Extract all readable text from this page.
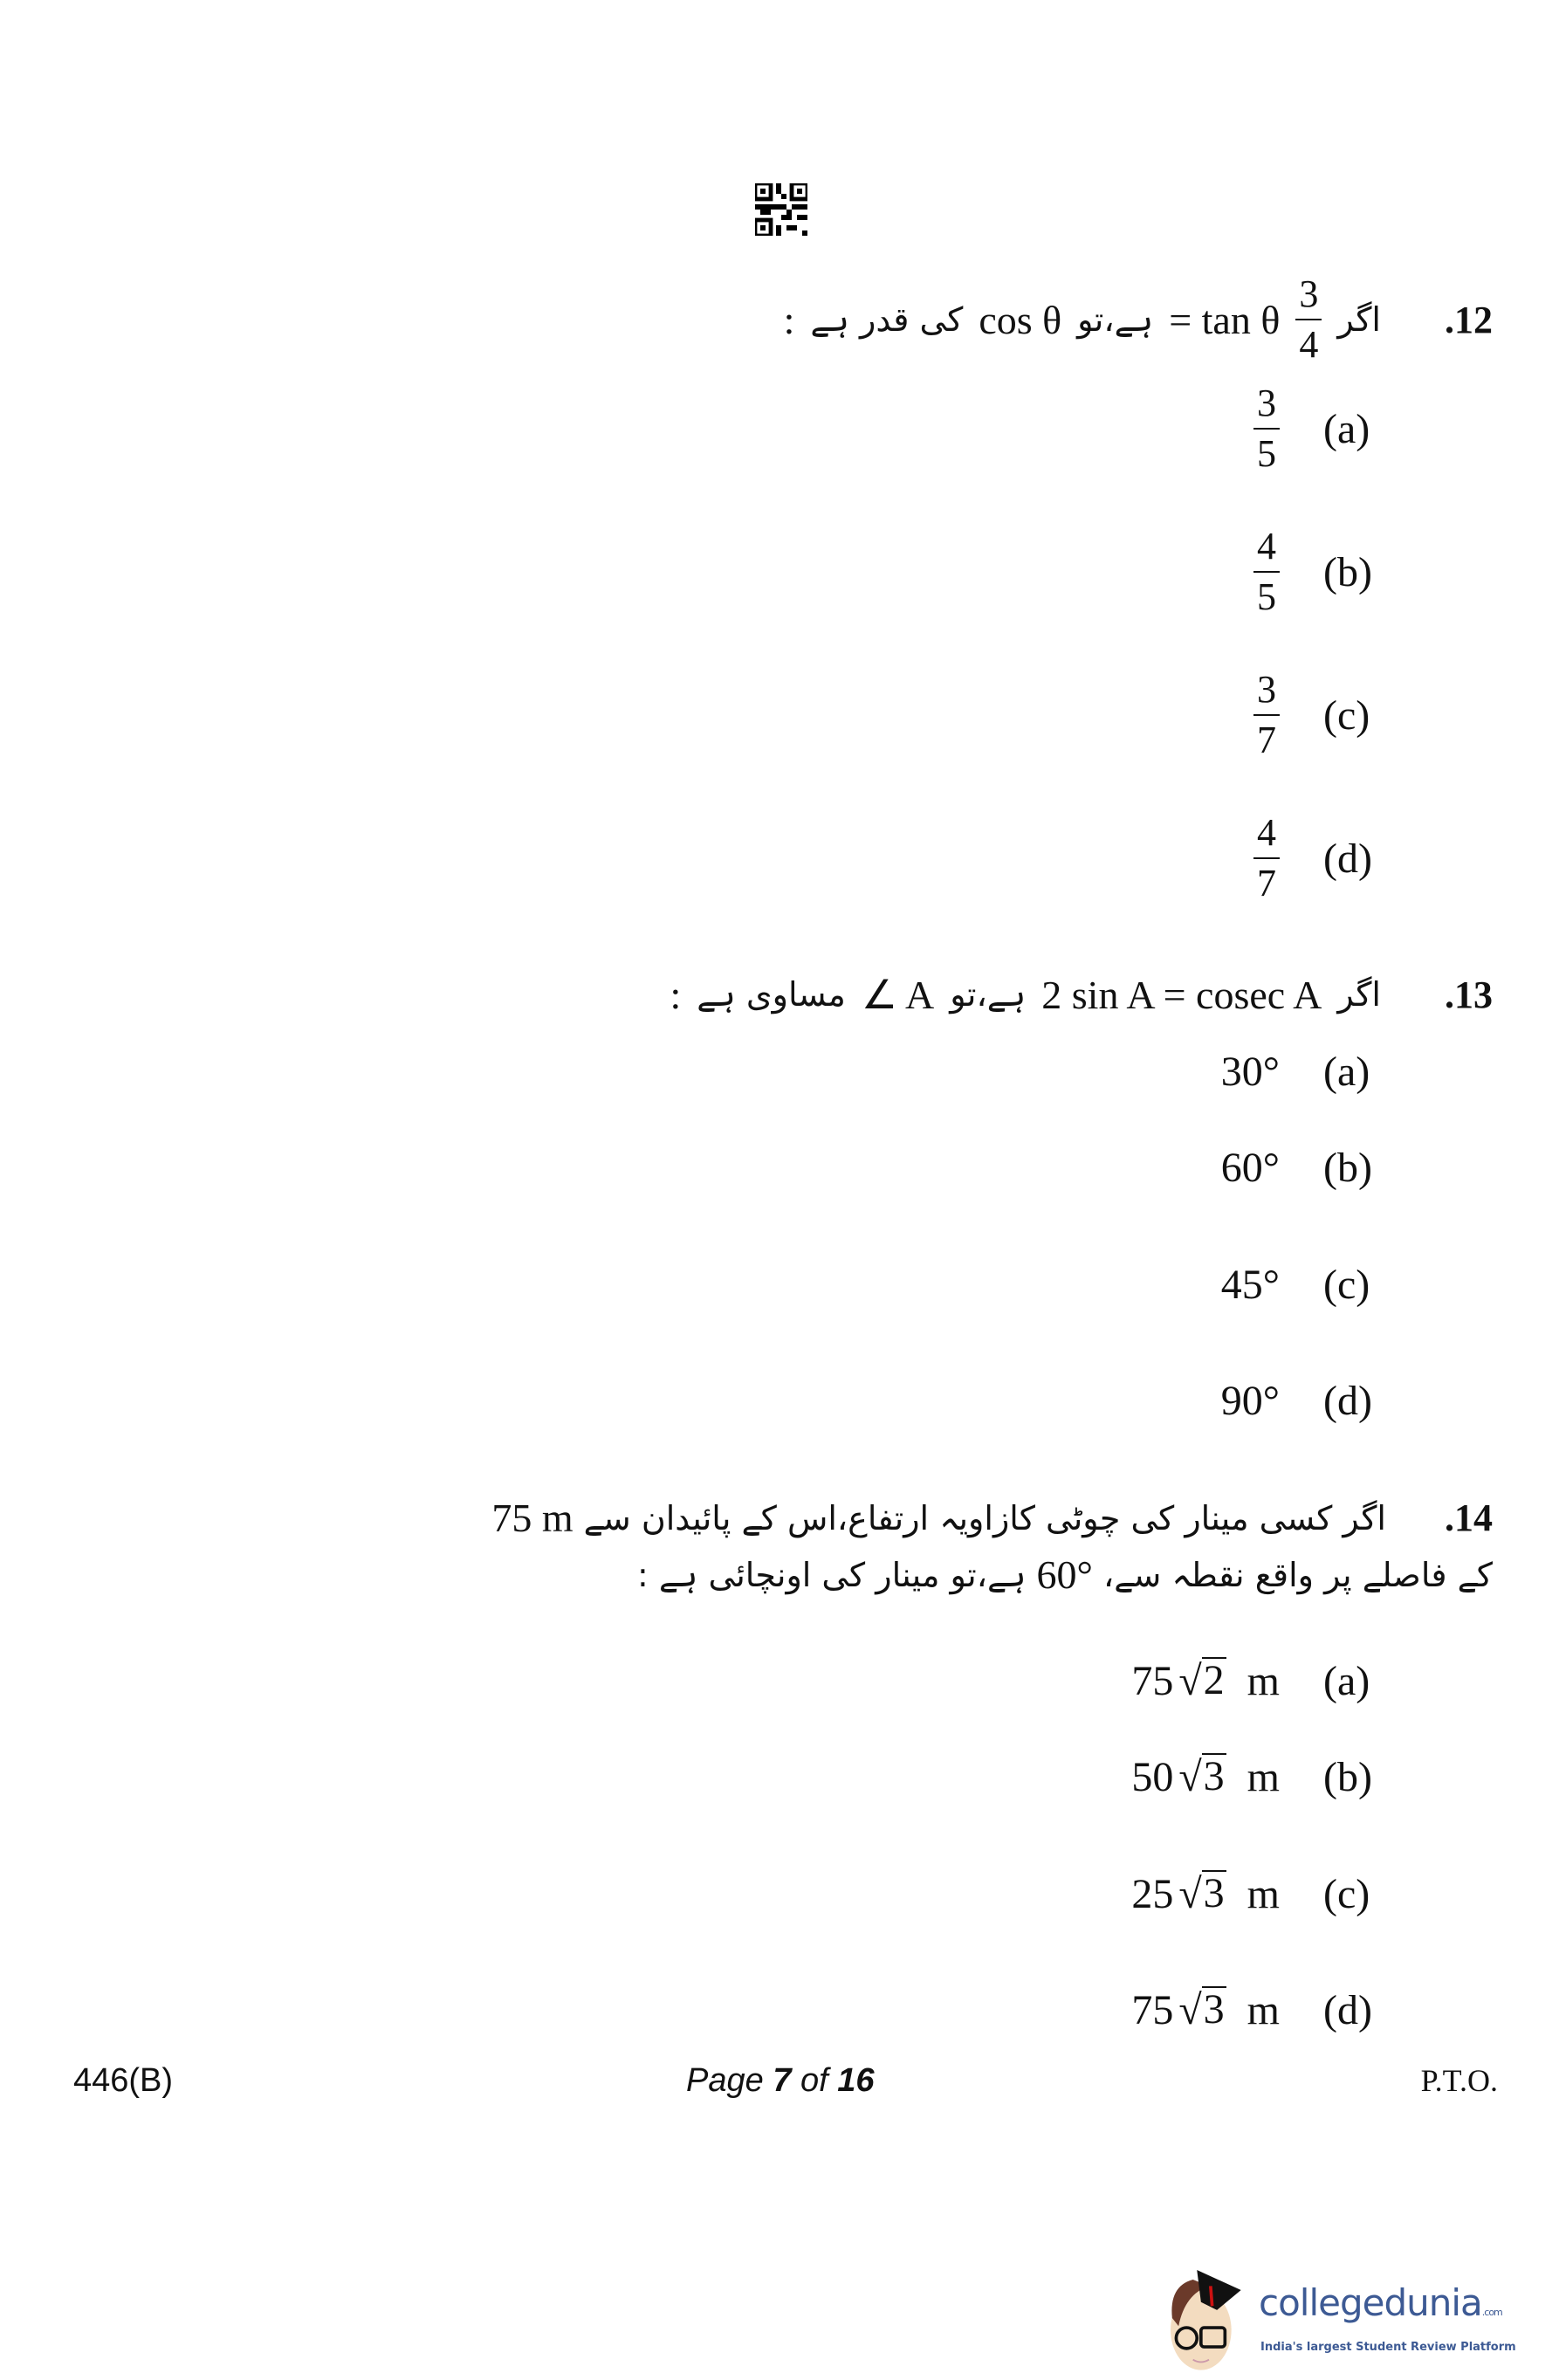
.12
اگر
$\frac{3}{4}$
= tan θ
ہے،تو
cos θ
کی قدر ہے
:
$\frac{3}{5} (a)$
$\frac{4}{5} (b)$
$\frac{3}{7} (c)$
$\frac{4}{7} (d)$
.13
اگر
2 sin A = cosec A
ہے،تو
∠ A
مساوی ہے
:
30° (a)
60° (b)
45° (c)
90° (d)
.14
اگر کسی مینار کی چوٹی کازاویہ ارتفاع،اس کے پائیدان سے
75 m
کے فاصلے پر واقع نقطہ سے،
60°
ہے،تو مینار کی
اونچائی ہے :
75 √ 2
m (a)
50 √ 3
m (b)
25 √ 3
m (c)
75 √ 3
m (d)
446(B)	Page 7 of 16	P.T.O.
collegedunia.com
India's largest Student Review Platform
